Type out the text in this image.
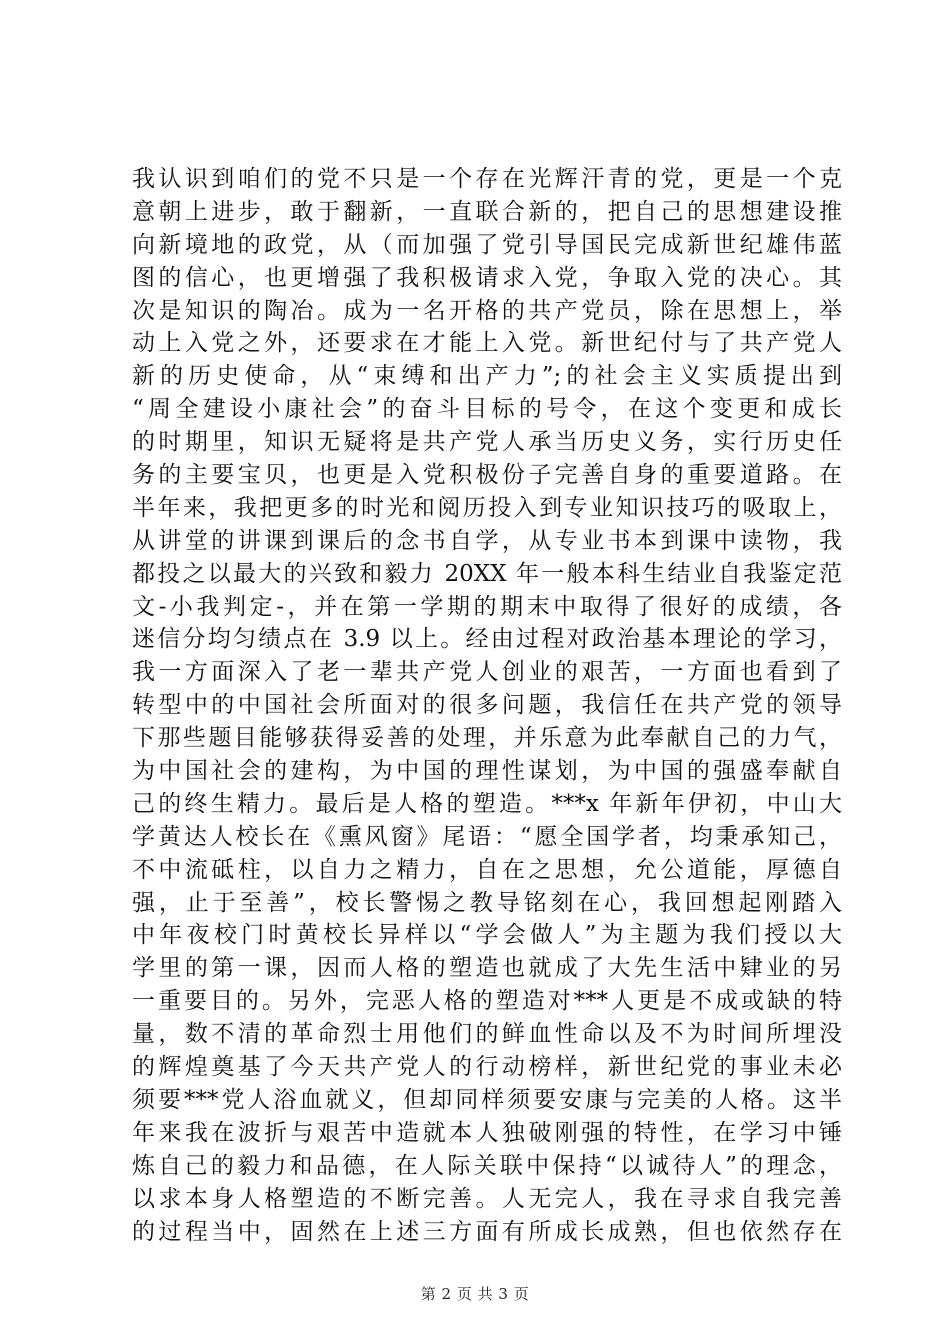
我认识到咱们的党不只是一个存在光辉汗青的党，更是一个克
意朝上进步，敢于翻新，一直联合新的，把自己的思想建设推
向新境地的政党，从（而加强了党引导国民完成新世纪雄伟蓝
图的信心，也更增强了我积极请求入党，争取入党的决心。其
次是知识的陶冶。成为一名开格的共产党员，除在思想上，举
动上入党之外，还要求在才能上入党。新世纪付与了共产党人
新的历史使命，从“束缚和出产力”;的社会主义实质提出到
“周全建设小康社会”的奋斗目标的号令，在这个变更和成长
的时期里，知识无疑将是共产党人承当历史义务，实行历史任
务的主要宝贝，也更是入党积极份子完善自身的重要道路。在
半年来，我把更多的时光和阅历投入到专业知识技巧的吸取上，
从讲堂的讲课到课后的念书自学，从专业书本到课中读物，我
都投之以最大的兴致和毅力 20XX 年一般本科生结业自我鉴定范
文-小我判定-，并在第一学期的期末中取得了很好的成绩，各
迷信分均匀绩点在 3.9 以上。经由过程对政治基本理论的学习，
我一方面深入了老一辈共产党人创业的艰苦，一方面也看到了
转型中的中国社会所面对的很多问题，我信任在共产党的领导
下那些题目能够获得妥善的处理，并乐意为此奉献自己的力气，
为中国社会的建构，为中国的理性谋划，为中国的强盛奉献自
己的终生精力。最后是人格的塑造。***x 年新年伊初，中山大
学黄达人校长在《熏风窗》尾语：“愿全国学者，均秉承知己，
不中流砥柱，以自力之精力，自在之思想，允公道能，厚德自
强，止于至善”，校长警惕之教导铭刻在心，我回想起刚踏入
中年夜校门时黄校长异样以“学会做人”为主题为我们授以大
学里的第一课，因而人格的塑造也就成了大先生活中肄业的另
一重要目的。另外，完恶人格的塑造对***人更是不成或缺的特
量，数不清的革命烈士用他们的鲜血性命以及不为时间所埋没
的辉煌奠基了今天共产党人的行动榜样，新世纪党的事业未必
须要***党人浴血就义，但却同样须要安康与完美的人格。这半
年来我在波折与艰苦中造就本人独破刚强的特性，在学习中锤
炼自己的毅力和品德，在人际关联中保持“以诚待人”的理念，
以求本身人格塑造的不断完善。人无完人，我在寻求自我完善
的过程当中，固然在上述三方面有所成长成熟，但也依然存在
第 2 页 共 3 页
